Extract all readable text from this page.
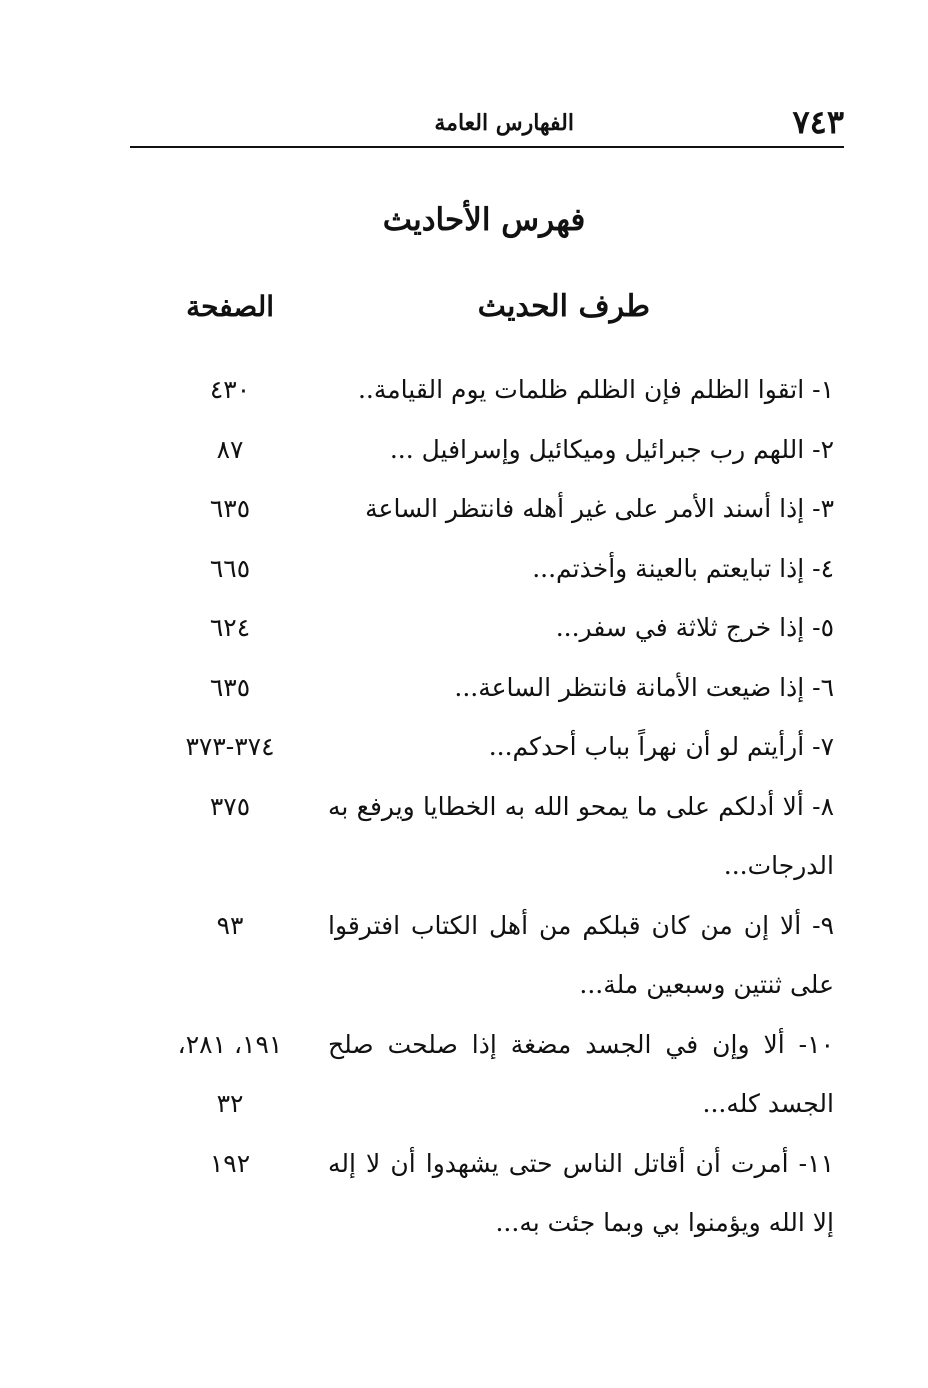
٧٤٣
الفهارس العامة
فهرس الأحاديث
طرف الحديث
الصفحة
١- اتقوا الظلم فإن الظلم ظلمات يوم القيامة..
٤٣٠
٢- اللهم رب جبرائيل وميكائيل وإسرافيل ...
٨٧
٣- إذا أسند الأمر على غير أهله فانتظر الساعة
٦٣٥
٤- إذا تبايعتم بالعينة وأخذتم...
٦٦٥
٥- إذا خرج ثلاثة في سفر...
٦٢٤
٦- إذا ضيعت الأمانة فانتظر الساعة...
٦٣٥
٧- أرأيتم لو أن نهراً بباب أحدكم...
٣٧٤-٣٧٣
٨- ألا أدلكم على ما يمحو الله به الخطايا ويرفع به
٣٧٥
الدرجات...
٩- ألا إن من كان قبلكم من أهل الكتاب افترقوا
٩٣
على ثنتين وسبعين ملة...
١٠- ألا وإن في الجسد مضغة إذا صلحت صلح
١٩١، ٢٨١،
الجسد كله...
٣٢
١١- أمرت أن أقاتل الناس حتى يشهدوا أن لا إله
١٩٢
إلا الله ويؤمنوا بي وبما جئت به...
